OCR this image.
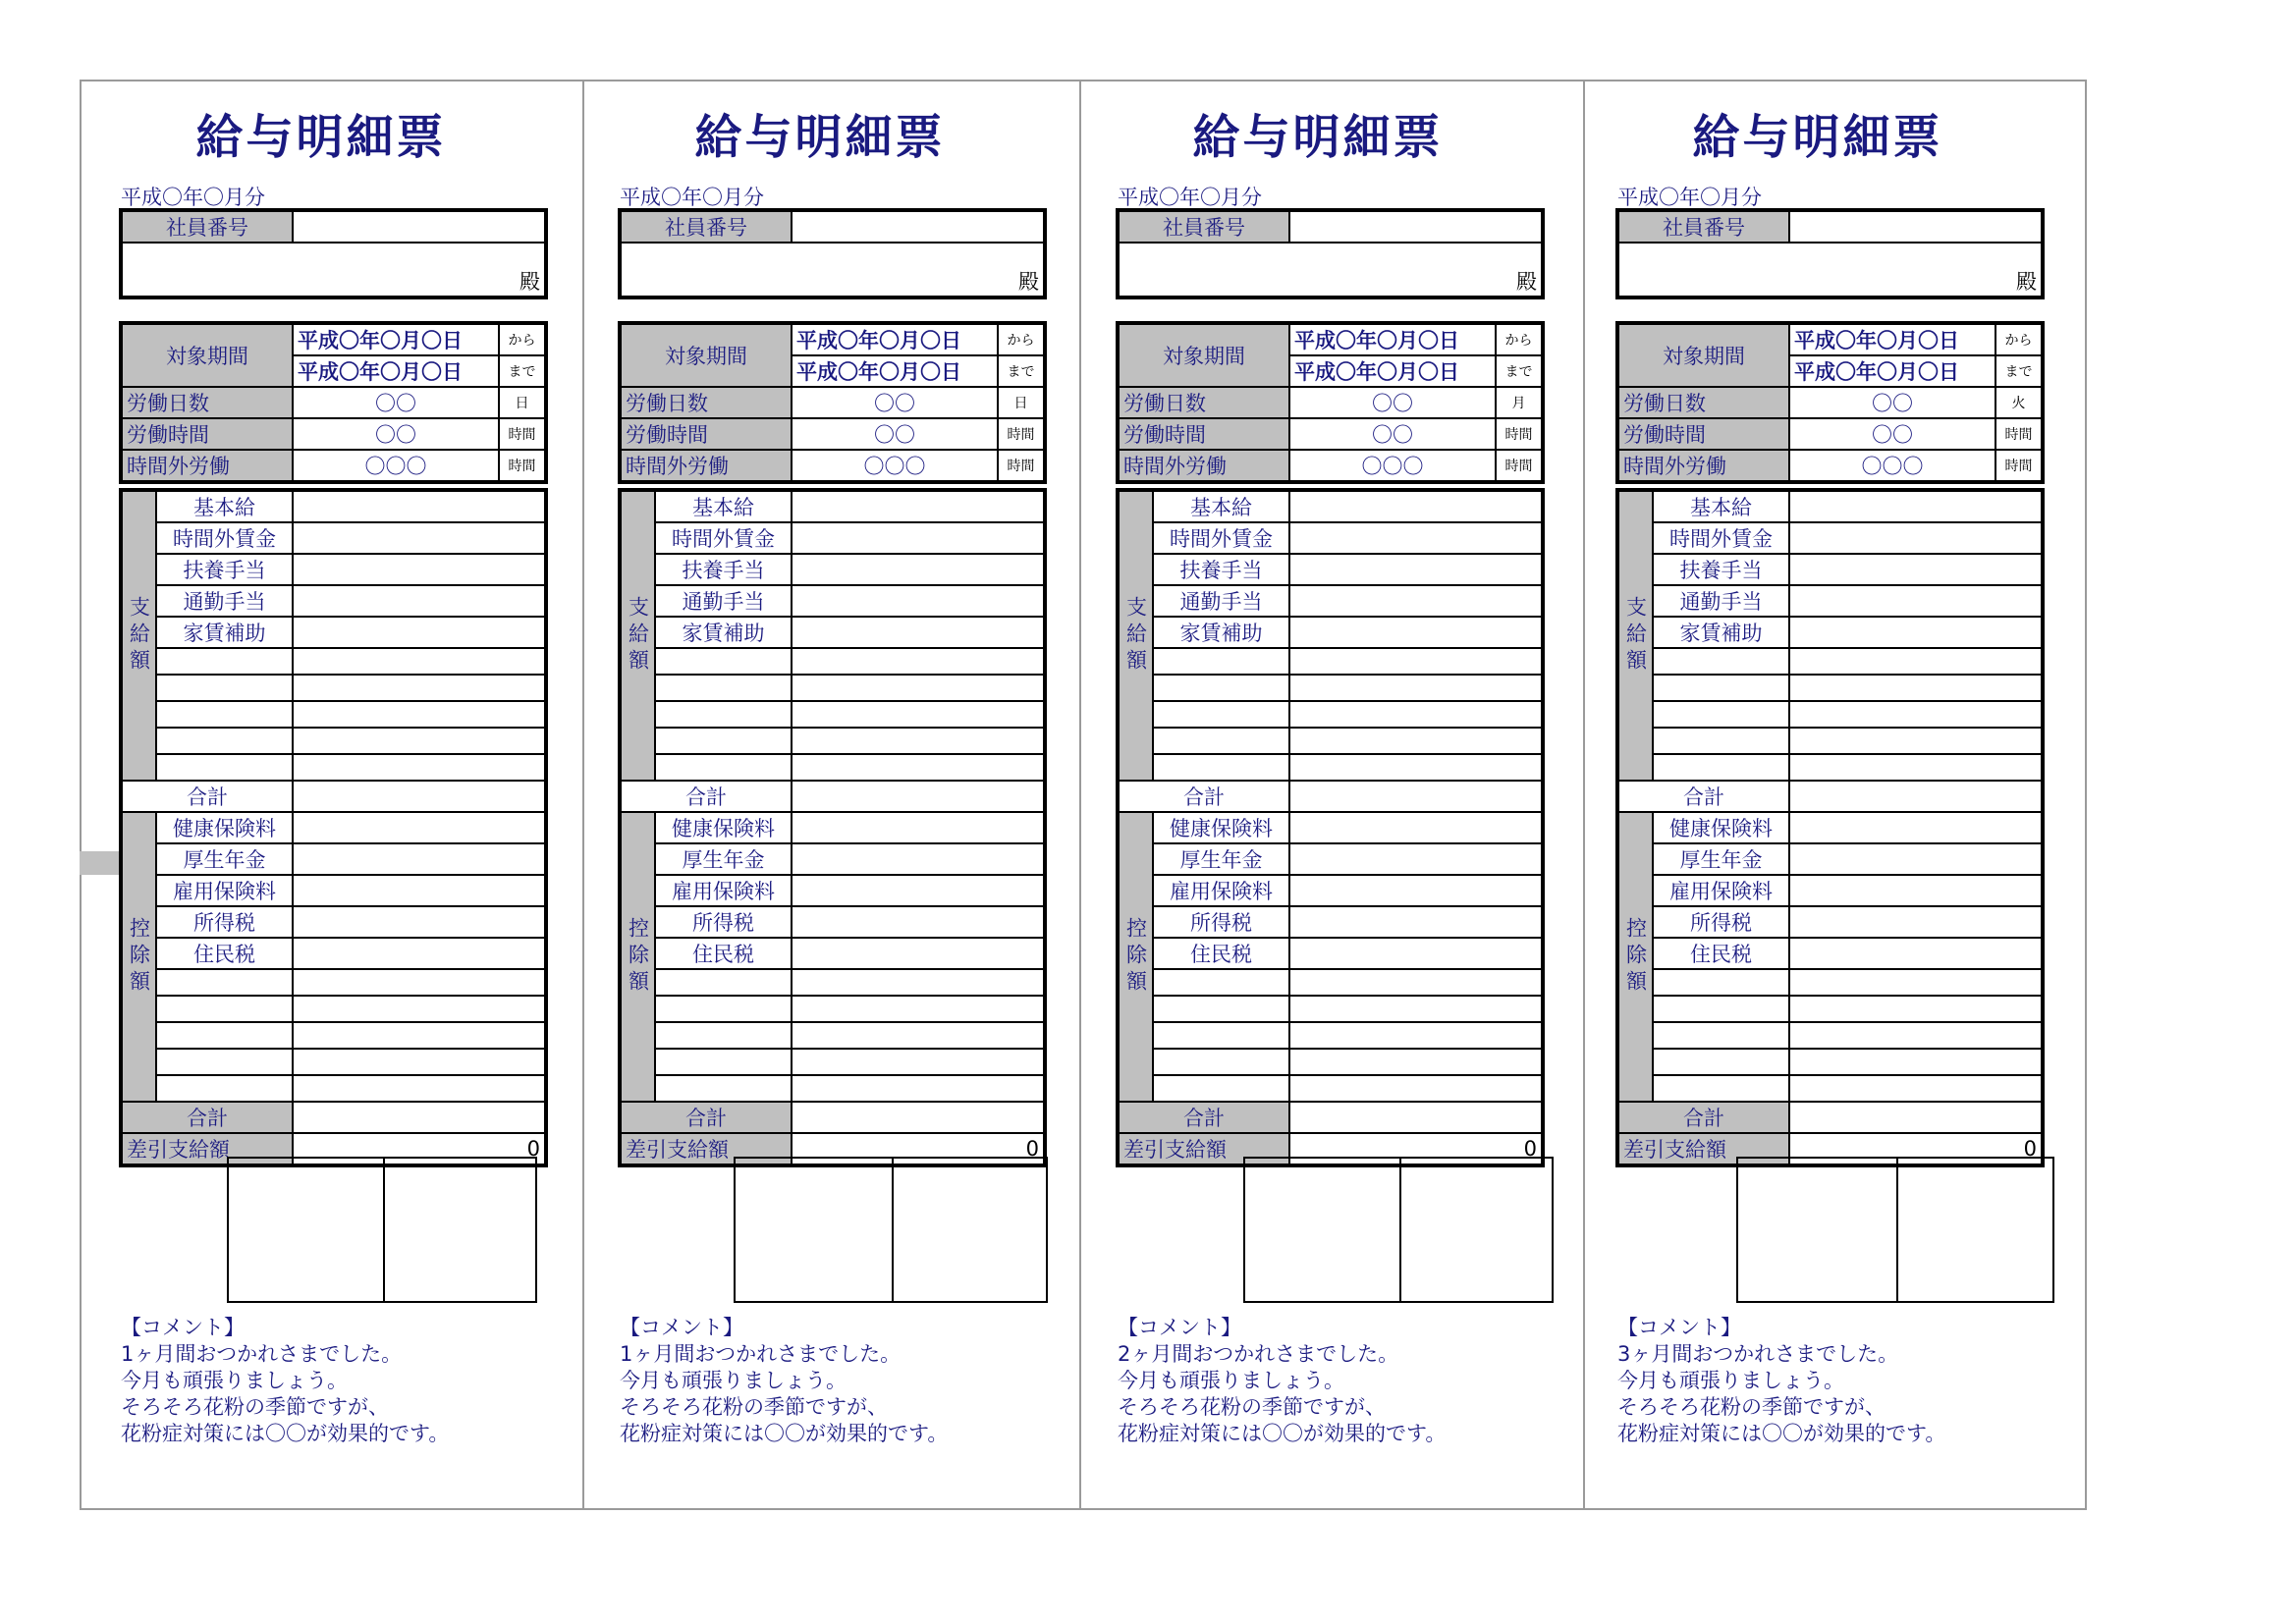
給与明細票
平成〇年〇月分
社員番号	
殿
対象期間	平成〇年〇月〇日	から
	平成〇年〇月〇日	まで
労働日数	〇〇	日
労働時間	〇〇	時間
時間外労働	〇〇〇	時間
支給額	基本給	
	時間外賃金	
	扶養手当	
	通勤手当	
	家賃補助	

合計		
控除額	健康保険料	
	厚生年金	
	雇用保険料	
	所得税	
	住民税	

合計		
差引支給額		0
【コメント】
1ヶ月間おつかれさまでした。
今月も頑張りましょう。
そろそろ花粉の季節ですが、
花粉症対策には〇〇が効果的です。
給与明細票
平成〇年〇月分
社員番号	
殿
対象期間	平成〇年〇月〇日	から
	平成〇年〇月〇日	まで
労働日数	〇〇	日
労働時間	〇〇	時間
時間外労働	〇〇〇	時間
支給額	基本給	
	時間外賃金	
	扶養手当	
	通勤手当	
	家賃補助	

合計		
控除額	健康保険料	
	厚生年金	
	雇用保険料	
	所得税	
	住民税	

合計		
差引支給額		0
【コメント】
1ヶ月間おつかれさまでした。
今月も頑張りましょう。
そろそろ花粉の季節ですが、
花粉症対策には〇〇が効果的です。
給与明細票
平成〇年〇月分
社員番号	
殿
対象期間	平成〇年〇月〇日	から
	平成〇年〇月〇日	まで
労働日数	〇〇	月
労働時間	〇〇	時間
時間外労働	〇〇〇	時間
支給額	基本給	
	時間外賃金	
	扶養手当	
	通勤手当	
	家賃補助	

合計		
控除額	健康保険料	
	厚生年金	
	雇用保険料	
	所得税	
	住民税	

合計		
差引支給額		0
【コメント】
2ヶ月間おつかれさまでした。
今月も頑張りましょう。
そろそろ花粉の季節ですが、
花粉症対策には〇〇が効果的です。
給与明細票
平成〇年〇月分
社員番号	
殿
対象期間	平成〇年〇月〇日	から
	平成〇年〇月〇日	まで
労働日数	〇〇	火
労働時間	〇〇	時間
時間外労働	〇〇〇	時間
支給額	基本給	
	時間外賃金	
	扶養手当	
	通勤手当	
	家賃補助	

合計		
控除額	健康保険料	
	厚生年金	
	雇用保険料	
	所得税	
	住民税	

合計		
差引支給額		0
【コメント】
3ヶ月間おつかれさまでした。
今月も頑張りましょう。
そろそろ花粉の季節ですが、
花粉症対策には〇〇が効果的です。
